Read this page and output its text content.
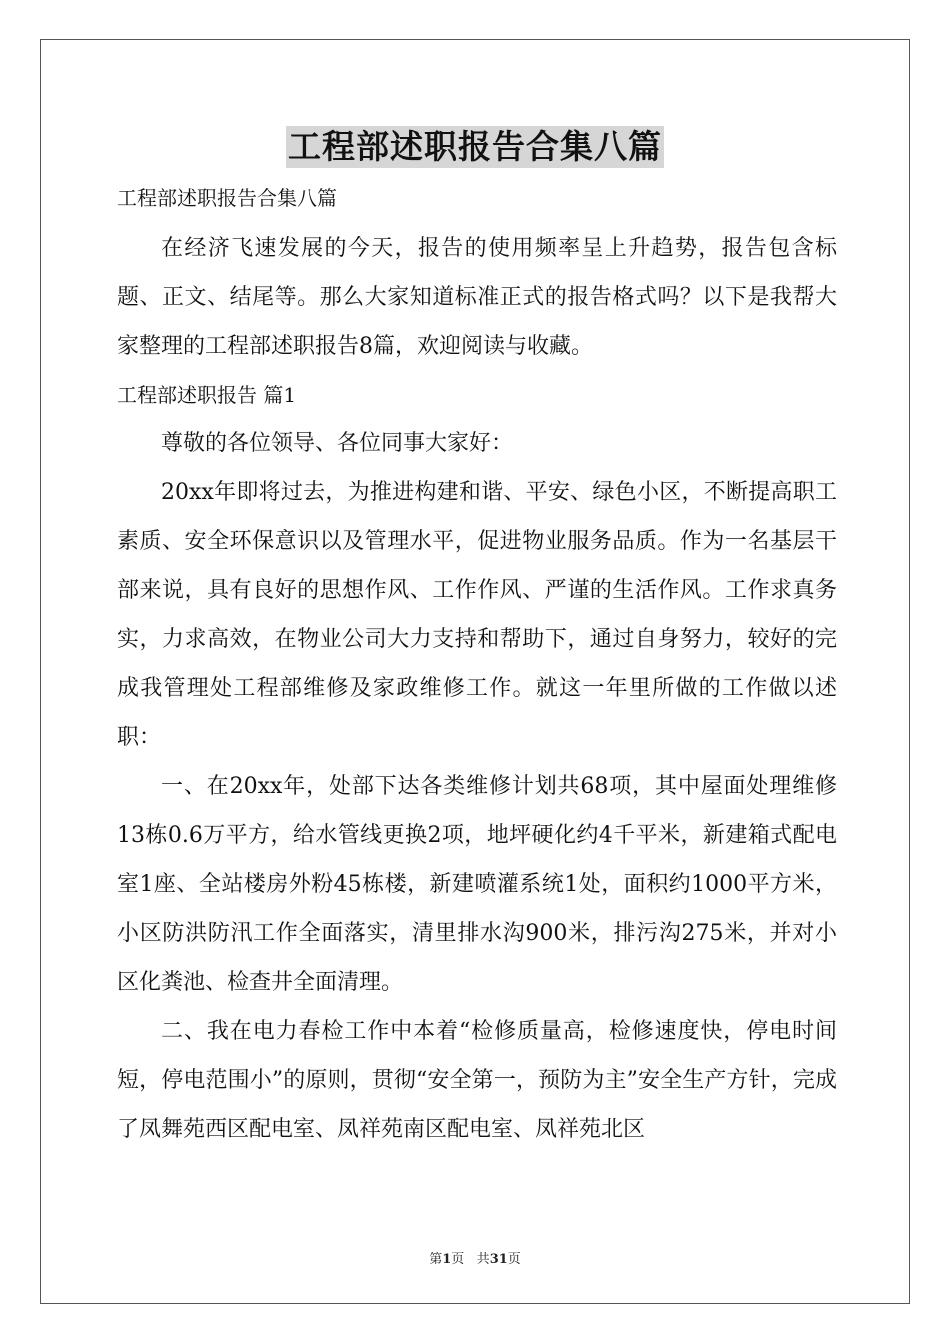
工程部述职报告合集八篇

工程部述职报告合集八篇

在经济飞速发展的今天，报告的使用频率呈上升趋势，报告包含标题、正文、结尾等。那么大家知道标准正式的报告格式吗？以下是我帮大家整理的工程部述职报告8篇，欢迎阅读与收藏。

工程部述职报告 篇1

尊敬的各位领导、各位同事大家好：

20xx年即将过去，为推进构建和谐、平安、绿色小区，不断提高职工素质、安全环保意识以及管理水平，促进物业服务品质。作为一名基层干部来说，具有良好的思想作风、工作作风、严谨的生活作风。工作求真务实，力求高效，在物业公司大力支持和帮助下，通过自身努力，较好的完成我管理处工程部维修及家政维修工作。就这一年里所做的工作做以述职：

一、在20xx年，处部下达各类维修计划共68项，其中屋面处理维修13栋0.6万平方，给水管线更换2项，地坪硬化约4千平米，新建箱式配电室1座、全站楼房外粉45栋楼，新建喷灌系统1处，面积约1000平方米，小区防洪防汛工作全面落实，清里排水沟900米，排污沟275米，并对小区化粪池、检查井全面清理。

二、我在电力春检工作中本着“检修质量高，检修速度快，停电时间短，停电范围小”的原则，贯彻“安全第一，预防为主”安全生产方针，完成了凤舞苑西区配电室、凤祥苑南区配电室、凤祥苑北区

第1页 共31页
